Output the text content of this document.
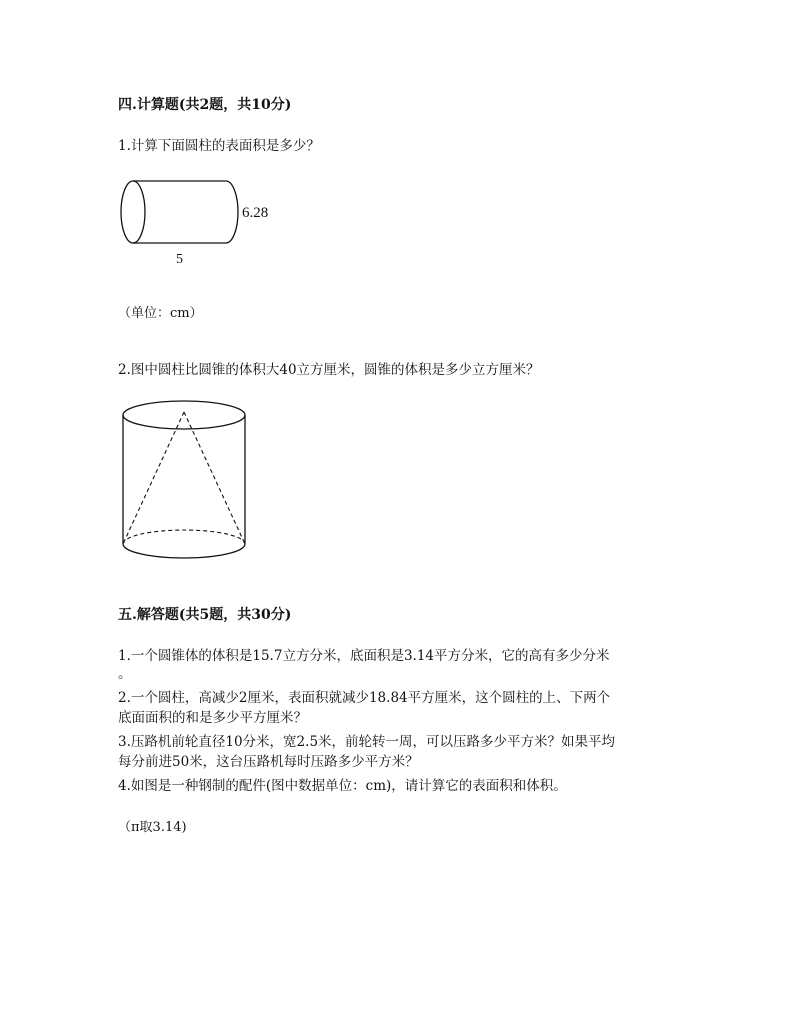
四.计算题(共2题，共10分)
1.计算下面圆柱的表面积是多少？
6.28
5
（单位：cm）
2.图中圆柱比圆锥的体积大40立方厘米，圆锥的体积是多少立方厘米？
五.解答题(共5题，共30分)
1.一个圆锥体的体积是15.7立方分米，底面积是3.14平方分米，它的高有多少分米
。
2.一个圆柱，高减少2厘米，表面积就减少18.84平方厘米，这个圆柱的上、下两个
底面面积的和是多少平方厘米？
3.压路机前轮直径10分米，宽2.5米，前轮转一周，可以压路多少平方米？如果平均
每分前进50米，这台压路机每时压路多少平方米？
4.如图是一种钢制的配件(图中数据单位：cm)，请计算它的表面积和体积。
（π取3.14)
